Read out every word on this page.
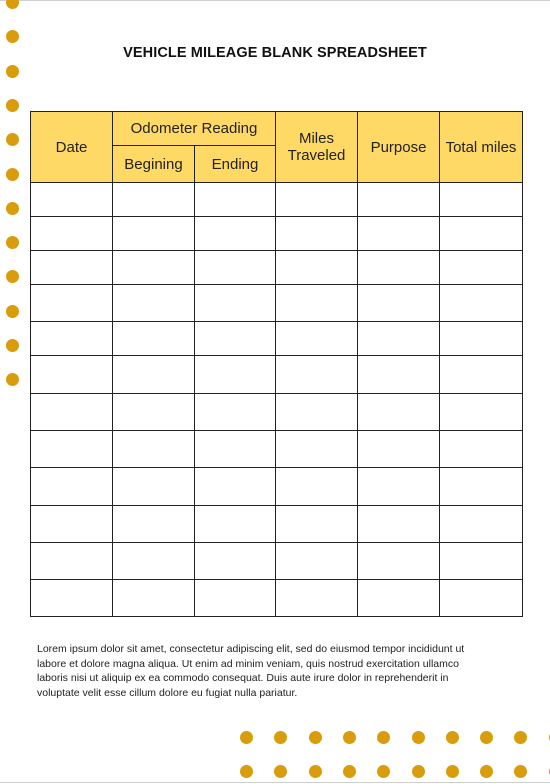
VEHICLE MILEAGE BLANK SPREADSHEET
Date	Odometer Reading		Miles Traveled	Purpose	Total miles
	Begining	Ending			

Lorem ipsum dolor sit amet, consectetur adipiscing elit, sed do eiusmod tempor incididunt ut labore et dolore magna aliqua. Ut enim ad minim veniam, quis nostrud exercitation ullamco laboris nisi ut aliquip ex ea commodo consequat. Duis aute irure dolor in reprehenderit in voluptate velit esse cillum dolore eu fugiat nulla pariatur.
